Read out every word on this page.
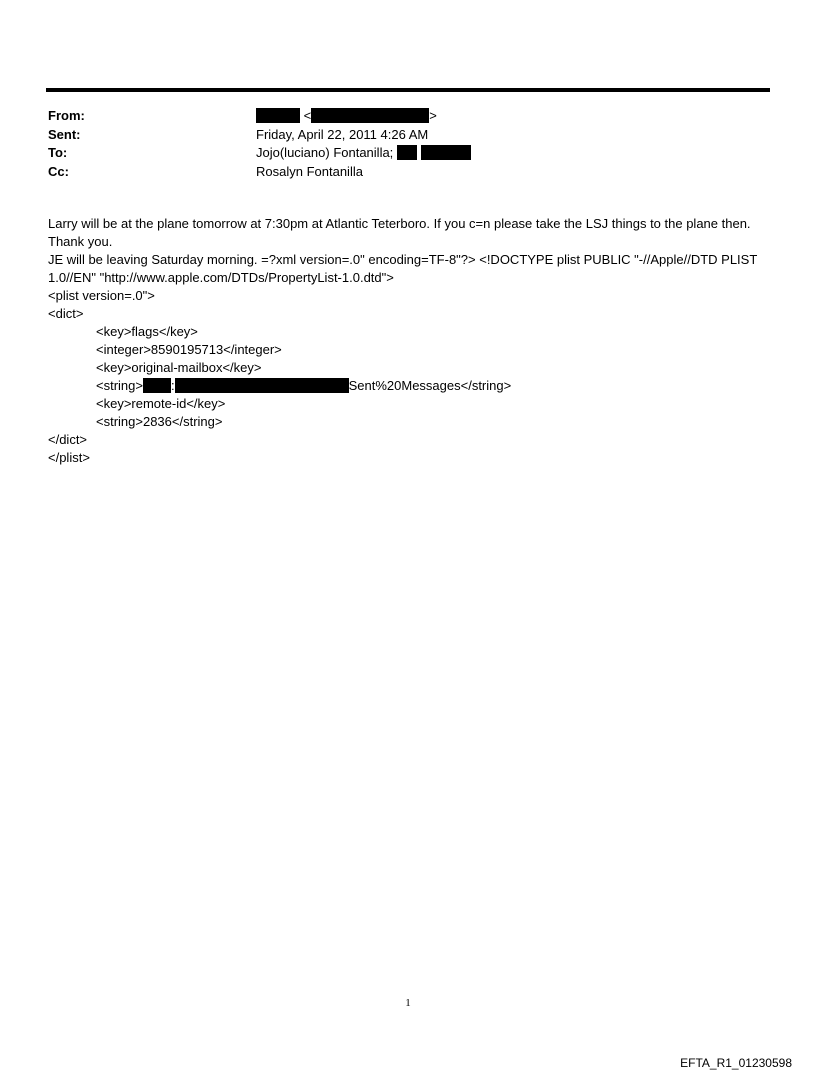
From:	<	>
Sent:	Friday, April 22, 2011 4:26 AM
To:	Jojo(luciano) Fontanilla;
Cc:	Rosalyn Fontanilla

Larry will be at the plane tomorrow at 7:30pm at Atlantic Teterboro. If you c=n please take the LSJ things to the plane then. Thank you.

JE will be leaving Saturday morning. =?xml version=.0" encoding=TF-8"?> <!DOCTYPE plist PUBLIC "-//Apple//DTD PLIST 1.0//EN" "http://www.apple.com/DTDs/PropertyList-1.0.dtd">

<plist version=.0">
<dict>
<key>flags</key>
<integer>8590195713</integer>
<key>original-mailbox</key>
<string> :	Sent%20Messages</string>
<key>remote-id</key>
<string>2836</string>
</dict>
</plist>
1
EFTA_R1_01230598
